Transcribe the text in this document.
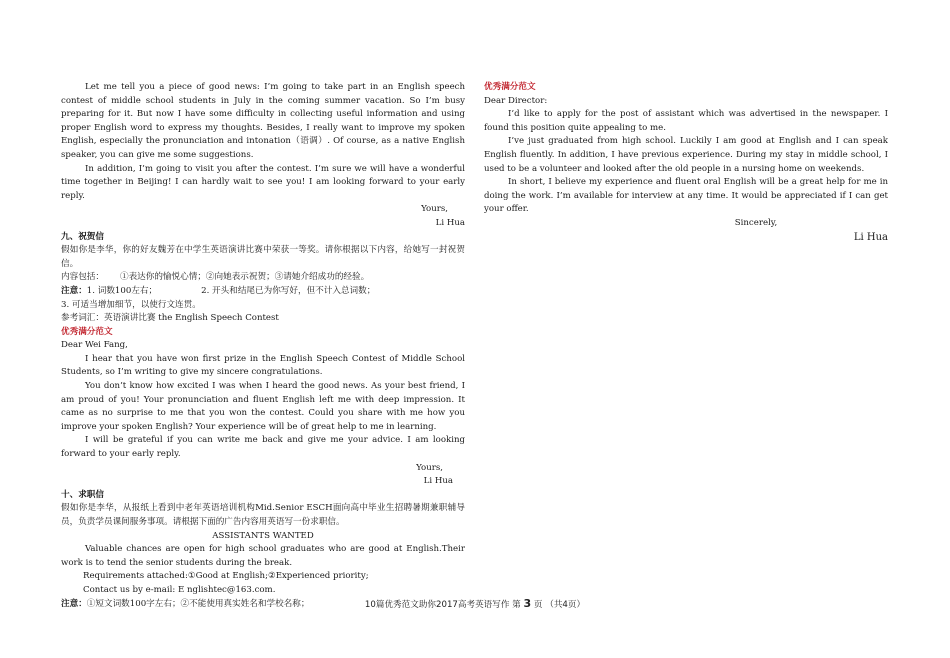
Let me tell you a piece of good news: I’m going to take part in an English speech contest of middle school students in July in the coming summer vacation. So I’m busy preparing for it. But now I have some difficulty in collecting useful information and using proper English word to express my thoughts. Besides, I really want to improve my spoken English, especially the pronunciation and intonation（语调）. Of course, as a native English speaker, you can give me some suggestions.

In addition, I’m going to visit you after the contest. I’m sure we will have a wonderful time together in Beijing! I can hardly wait to see you! I am looking forward to your early reply.

Yours,

Li Hua

九、祝贺信

假如你是李华，你的好友魏芳在中学生英语演讲比赛中荣获一等奖。请你根据以下内容，给她写一封祝贺信。

内容包括： ①表达你的愉悦心情；②向她表示祝贺；③请她介绍成功的经验。

注意：1. 词数100左右；	2. 开头和结尾已为你写好，但不计入总词数；

3. 可适当增加细节，以使行文连贯。

参考词汇：英语演讲比赛 the English Speech Contest

优秀满分范文

Dear Wei Fang,

I hear that you have won first prize in the English Speech Contest of Middle School Students, so I’m writing to give my sincere congratulations.

You don’t know how excited I was when I heard the good news. As your best friend, I am proud of you! Your pronunciation and fluent English left me with deep impression. It came as no surprise to me that you won the contest. Could you share with me how you improve your spoken English? Your experience will be of great help to me in learning.

I will be grateful if you can write me back and give me your advice. I am looking forward to your early reply.

Yours,

Li Hua

十、求职信

假如你是李华，从报纸上看到中老年英语培训机构Mid.Senior ESCH面向高中毕业生招聘暑期兼职辅导员，负责学员课间服务事项。请根据下面的广告内容用英语写一份求职信。

ASSISTANTS WANTED

Valuable chances are open for high school graduates who are good at English.Their work is to tend the senior students during the break.

Requirements attached:①Good at English;②Experienced priority;

Contact us by e-mail: E nglishtec@163.com.

注意：①短文词数100字左右；②不能使用真实姓名和学校名称；

优秀满分范文

Dear Director:

I’d like to apply for the post of assistant which was advertised in the newspaper. I found this position quite appealing to me.

I’ve just graduated from high school. Luckily I am good at English and I can speak English fluently. In addition, I have previous experience. During my stay in middle school, I used to be a volunteer and looked after the old people in a nursing home on weekends.

In short, I believe my experience and fluent oral English will be a great help for me in doing the work. I’m available for interview at any time. It would be appreciated if I can get your offer.

Sincerely,

Li Hua

10篇优秀范文助你2017高考英语写作 第 3 页 （共4页）
